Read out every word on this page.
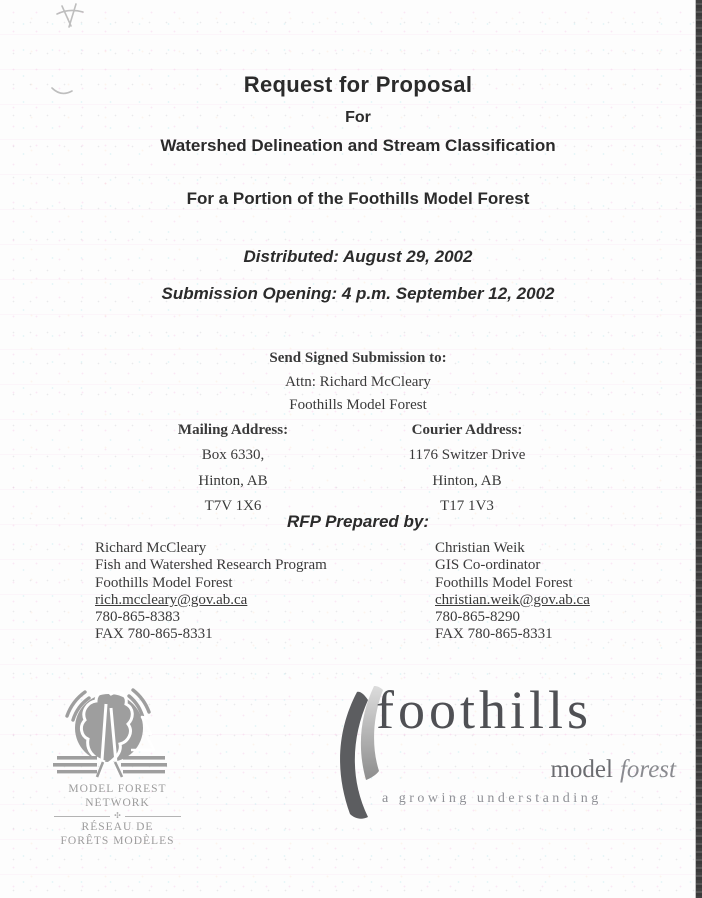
Request for Proposal
For
Watershed Delineation and Stream Classification
For a Portion of the Foothills Model Forest
Distributed: August 29, 2002
Submission Opening: 4 p.m. September 12, 2002
Send Signed Submission to:
Attn: Richard McCleary
Foothills Model Forest
Mailing Address:
Box 6330,
Hinton, AB
T7V 1X6
Courier Address:
1176 Switzer Drive
Hinton, AB
T17 1V3
RFP Prepared by:
Richard McCleary
Fish and Watershed Research Program
Foothills Model Forest
rich.mccleary@gov.ab.ca
780-865-8383
FAX 780-865-8331
Christian Weik
GIS Co-ordinator
Foothills Model Forest
christian.weik@gov.ab.ca
780-865-8290
FAX 780-865-8331
MODEL FOREST
NETWORK
✣
RÉSEAU DE
FORÊTS MODÈLES
foothills
model forest
a growing understanding
